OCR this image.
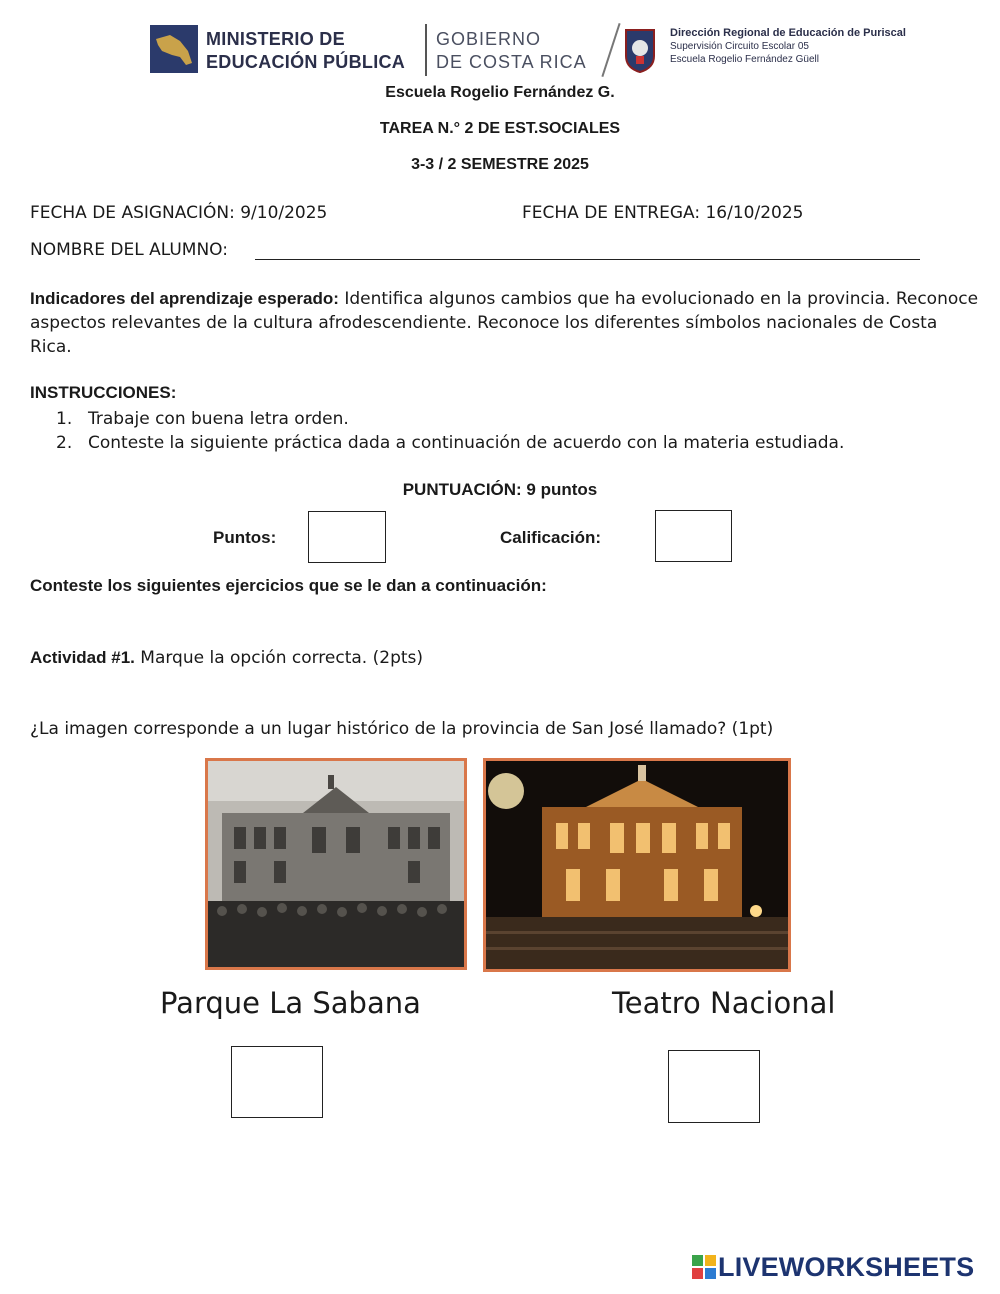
MINISTERIO DE
EDUCACIÓN PÚBLICA
GOBIERNO
DE COSTA RICA
Dirección Regional de Educación de Puriscal
Supervisión Circuito Escolar 05
Escuela Rogelio Fernández Güell
Escuela Rogelio Fernández G.
TAREA N.° 2 DE EST.SOCIALES
3-3 / 2 SEMESTRE 2025
FECHA DE ASIGNACIÓN: 9/10/2025	FECHA DE ENTREGA: 16/10/2025
NOMBRE DEL ALUMNO:
Indicadores del aprendizaje esperado: Identifica algunos cambios que ha evolucionado en la provincia. Reconoce aspectos relevantes de la cultura afrodescendiente. Reconoce los diferentes símbolos nacionales de Costa Rica.
INSTRUCCIONES:
1. Trabaje con buena letra orden.
2. Conteste la siguiente práctica dada a continuación de acuerdo con la materia estudiada.
PUNTUACIÓN: 9 puntos
Puntos:	Calificación:
Conteste los siguientes ejercicios que se le dan a continuación:
Actividad #1. Marque la opción correcta. (2pts)
¿La imagen corresponde a un lugar histórico de la provincia de San José llamado? (1pt)
Parque La Sabana	Teatro Nacional
LIVEWORKSHEETS
